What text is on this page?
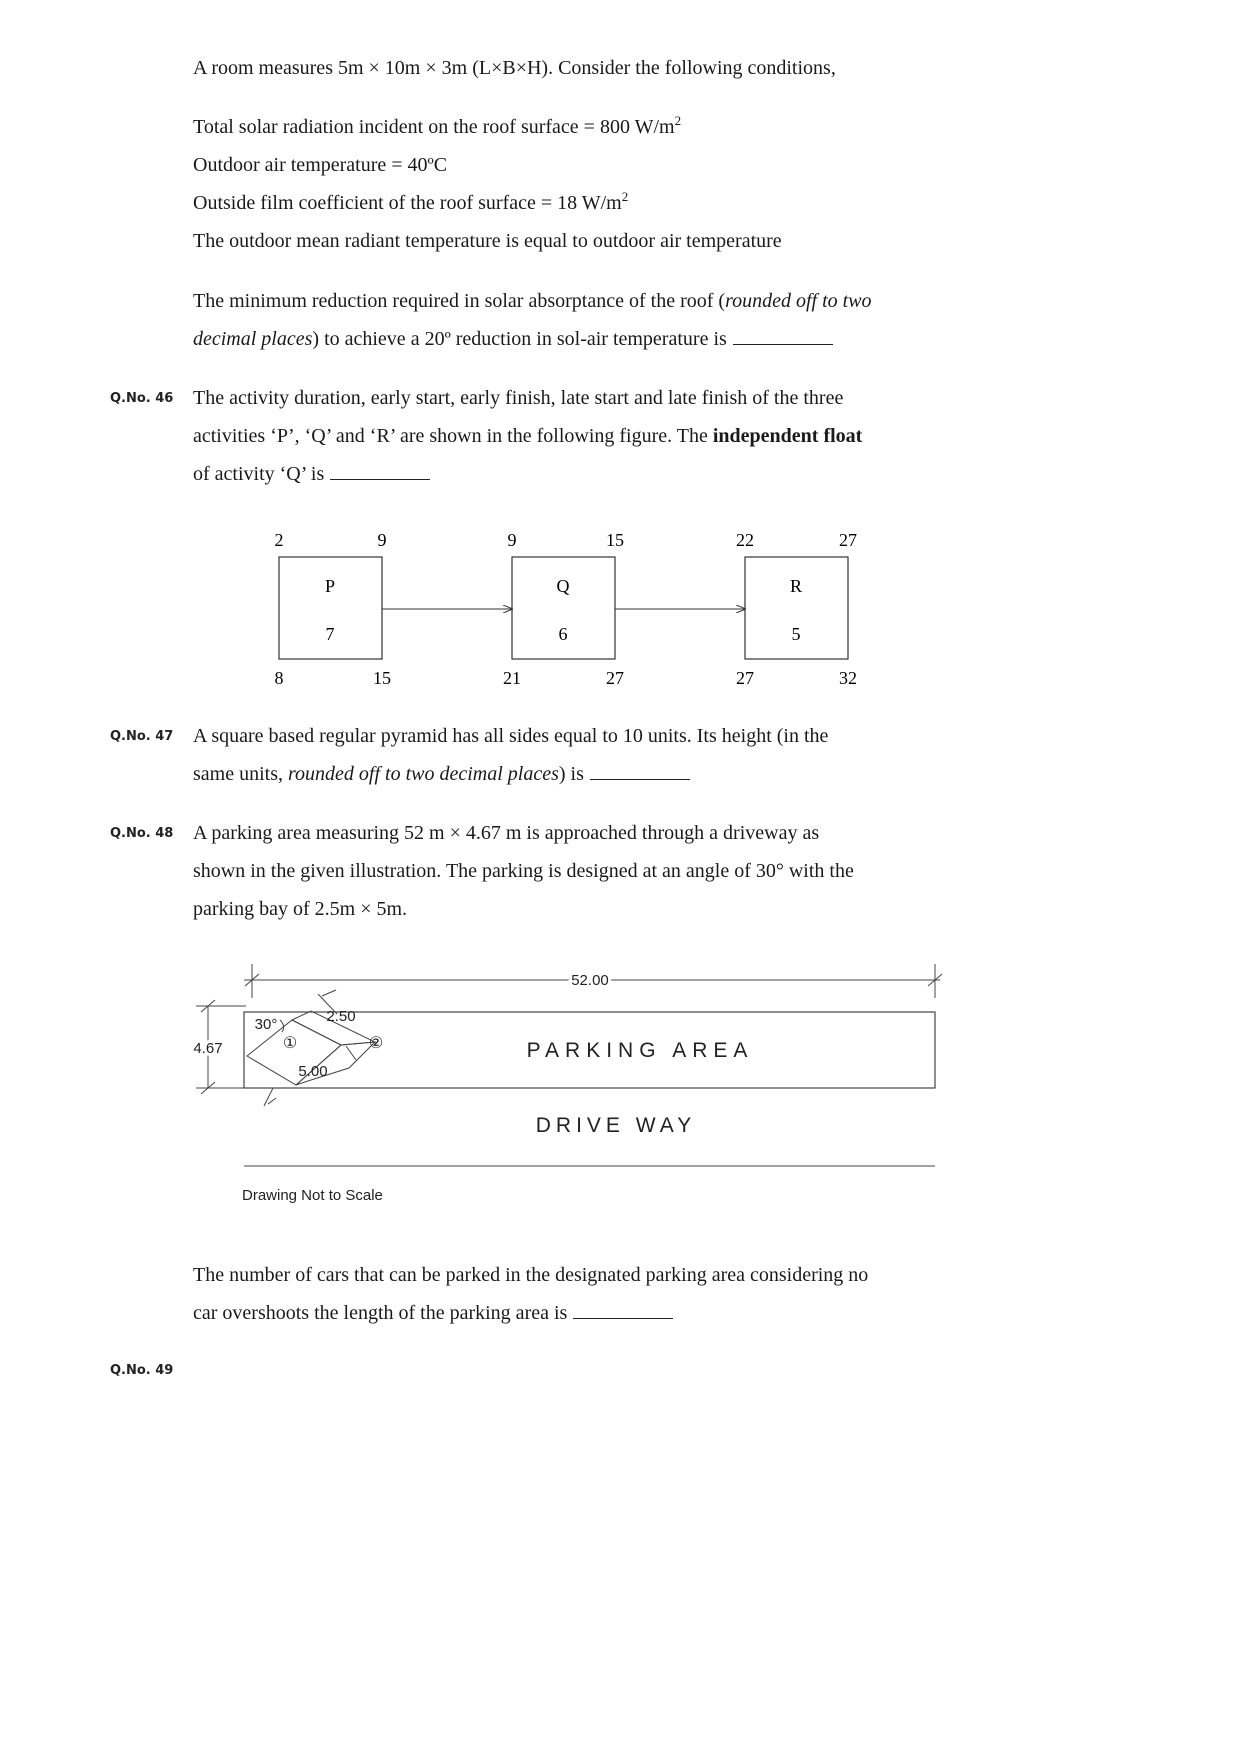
A room measures 5m × 10m × 3m (L×B×H). Consider the following conditions,
Total solar radiation incident on the roof surface = 800 $W/m^2$
Outdoor air temperature = 40ºC
Outside film coefficient of the roof surface = 18 $W/m^2$
The outdoor mean radiant temperature is equal to outdoor air temperature
The minimum reduction required in solar absorptance of the roof (rounded off to two
decimal places) to achieve a 20º reduction in sol-air temperature is
Q.No. 46 The activity duration, early start, early finish, late start and late finish of the three
activities ‘P’, ‘Q’ and ‘R’ are shown in the following figure. The independent float
of activity ‘Q’ is
2	9
P
7
8	15
9	15
Q
6
21	27
22	27
R
5
27	32
Q.No. 47 A square based regular pyramid has all sides equal to 10 units. Its height (in the
same units, rounded off to two decimal places) is
Q.No. 48 A parking area measuring 52 m × 4.67 m is approached through a driveway as
shown in the given illustration. The parking is designed at an angle of 30° with the
parking bay of 2.5m × 5m.
52.00
4.67
30°	2.50
5.00
①	②	PARKING AREA
DRIVE WAY
Drawing Not to Scale
The number of cars that can be parked in the designated parking area considering no
car overshoots the length of the parking area is
Q.No. 49
